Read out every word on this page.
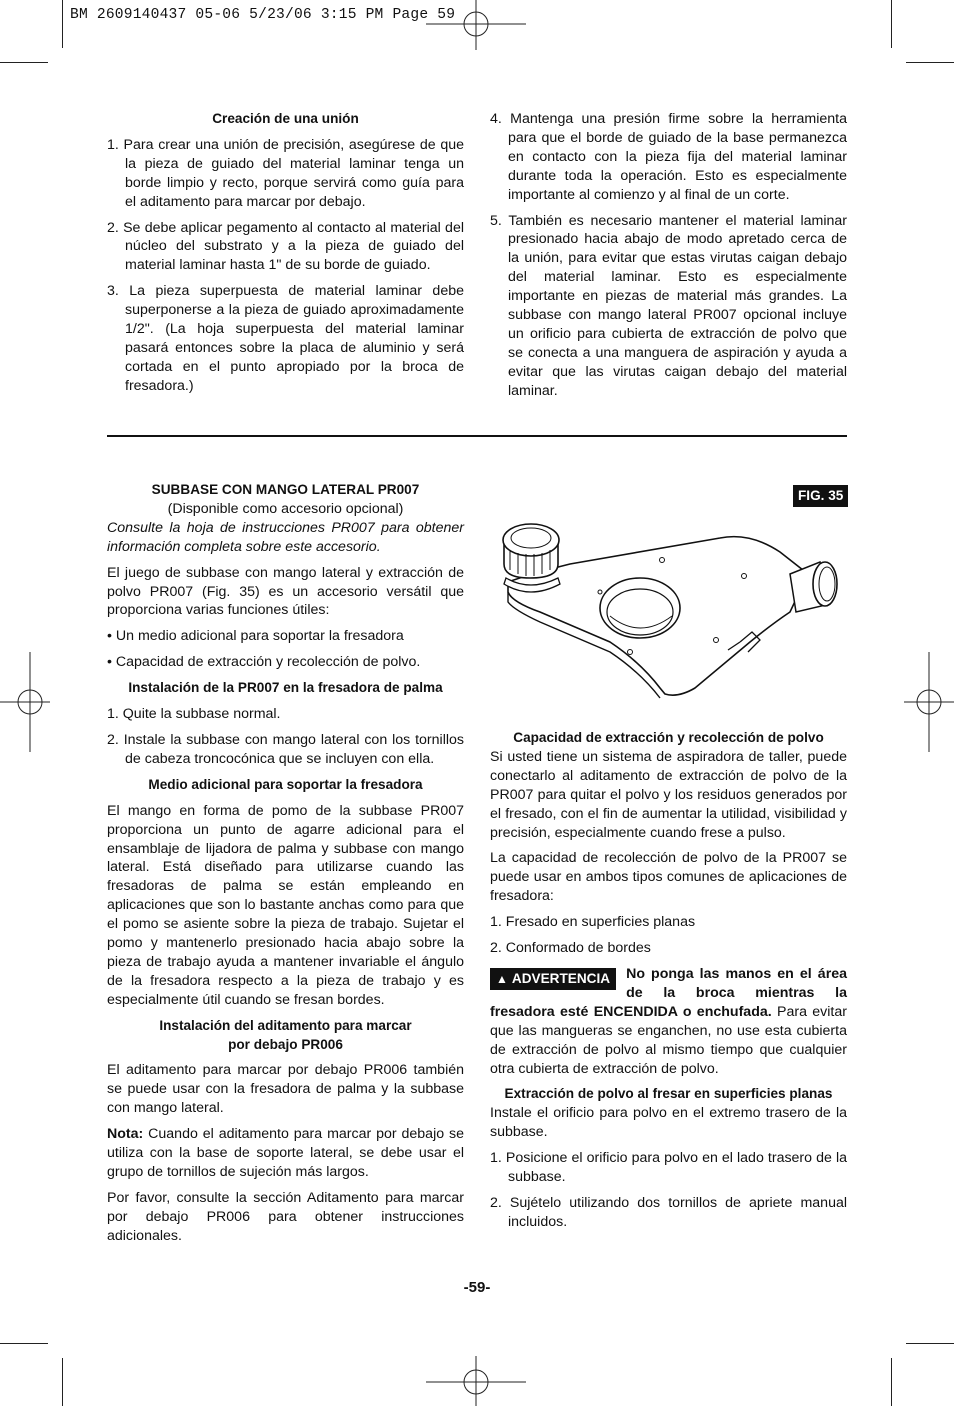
BM 2609140437 05-06 5/23/06 3:15 PM Page 59

Creación de una unión

1. Para crear una unión de precisión, asegúrese de que la pieza de guiado del material laminar tenga un borde limpio y recto, porque servirá como guía para el aditamento para marcar por debajo.

2. Se debe aplicar pegamento al contacto al material del núcleo del substrato y a la pieza de guiado del material laminar hasta 1" de su borde de guiado.

3. La pieza superpuesta de material laminar debe superponerse a la pieza de guiado aproximadamente 1/2". (La hoja superpuesta del material laminar pasará entonces sobre la placa de aluminio y será cortada en el punto apropiado por la broca de fresadora.)

4. Mantenga una presión firme sobre la herramienta para que el borde de guiado de la base permanezca en contacto con la pieza fija del material laminar durante toda la operación. Esto es especialmente importante al comienzo y al final de un corte.

5. También es necesario mantener el material laminar presionado hacia abajo de modo apretado cerca de la unión, para evitar que estas virutas caigan debajo del material laminar. Esto es especialmente importante en piezas de material más grandes. La subbase con mango lateral PR007 opcional incluye un orificio para cubierta de extracción de polvo que se conecta a una manguera de aspiración y ayuda a evitar que las virutas caigan debajo del material laminar.

SUBBASE CON MANGO LATERAL PR007

(Disponible como accesorio opcional)

Consulte la hoja de instrucciones PR007 para obtener información completa sobre este accesorio.

El juego de subbase con mango lateral y extracción de polvo PR007 (Fig. 35) es un accesorio versátil que proporciona varias funciones útiles:

• Un medio adicional para soportar la fresadora

• Capacidad de extracción y recolección de polvo.

Instalación de la PR007 en la fresadora de palma

1. Quite la subbase normal.

2. Instale la subbase con mango lateral con los tornillos de cabeza troncocónica que se incluyen con ella.

Medio adicional para soportar la fresadora

El mango en forma de pomo de la subbase PR007 proporciona un punto de agarre adicional para el ensamblaje de lijadora de palma y subbase con mango lateral. Está diseñado para utilizarse cuando las fresadoras de palma se están empleando en aplicaciones que son lo bastante anchas como para que el pomo se asiente sobre la pieza de trabajo. Sujetar el pomo y mantenerlo presionado hacia abajo sobre la pieza de trabajo ayuda a mantener invariable el ángulo de la fresadora respecto a la pieza de trabajo y es especialmente útil cuando se fresan bordes.

Instalación del aditamento para marcar

por debajo PR006

El aditamento para marcar por debajo PR006 también se puede usar con la fresadora de palma y la subbase con mango lateral.

Nota: Cuando el aditamento para marcar por debajo se utiliza con la base de soporte lateral, se debe usar el grupo de tornillos de sujeción más largos.

Por favor, consulte la sección Aditamento para marcar por debajo PR006 para obtener instrucciones adicionales.

FIG. 35

Capacidad de extracción y recolección de polvo

Si usted tiene un sistema de aspiradora de taller, puede conectarlo al aditamento de extracción de polvo de la PR007 para quitar el polvo y los residuos generados por el fresado, con el fin de aumentar la utilidad, visibilidad y precisión, especialmente cuando frese a pulso.

La capacidad de recolección de polvo de la PR007 se puede usar en ambos tipos comunes de aplicaciones de fresadora:

1. Fresado en superficies planas

2. Conformado de bordes

▲ ADVERTENCIA	No ponga las manos en el área de la broca mientras la fresadora esté ENCENDIDA o enchufada. Para evitar que las mangueras se enganchen, no use esta cubierta de extracción de polvo al mismo tiempo que cualquier otra cubierta de extracción de polvo.

Extracción de polvo al fresar en superficies planas

Instale el orificio para polvo en el extremo trasero de la subbase.

1. Posicione el orificio para polvo en el lado trasero de la subbase.

2. Sujételo utilizando dos tornillos de apriete manual incluidos.

-59-
